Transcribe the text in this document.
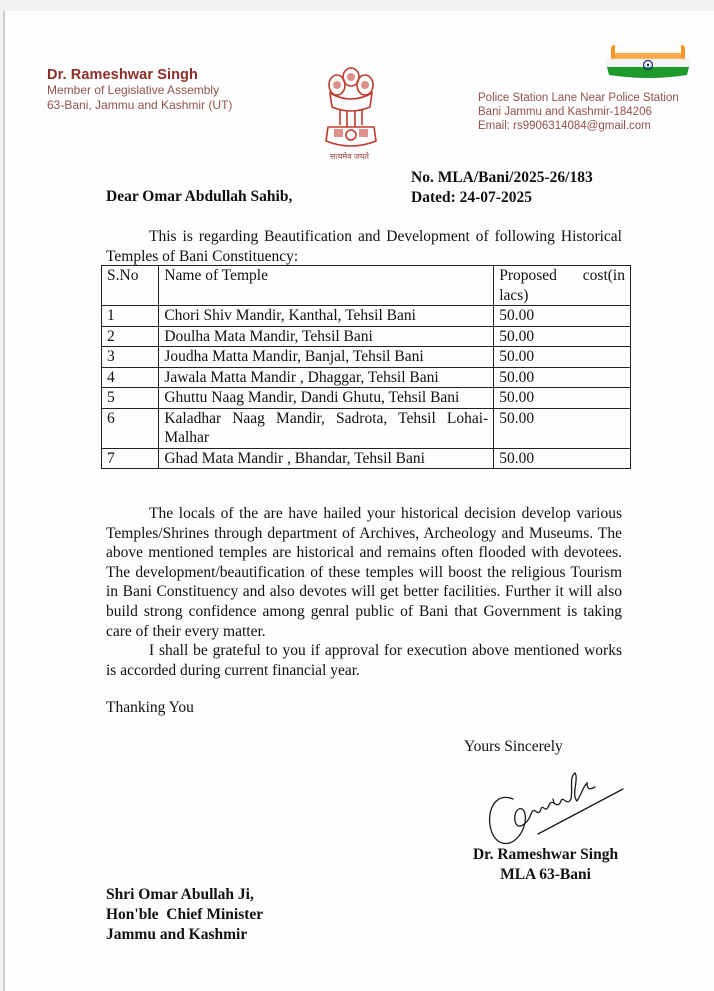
Dr. Rameshwar Singh
Member of Legislative Assembly
63-Bani, Jammu and Kashmir (UT)
सत्यमेव जयते
Police Station Lane Near Police Station
Bani Jammu and Kashmir-184206
Email: rs9906314084@gmail.com
No. MLA/Bani/2025-26/183
Dated: 24-07-2025
Dear Omar Abdullah Sahib,
This is regarding Beautification and Development of following Historical Temples of Bani Constituency:
S.No	Name of Temple	Proposed cost(in lacs)
1	Chori Shiv Mandir, Kanthal, Tehsil Bani	50.00
2	Doulha Mata Mandir, Tehsil Bani	50.00
3	Joudha Matta Mandir, Banjal, Tehsil Bani	50.00
4	Jawala Matta Mandir , Dhaggar, Tehsil Bani	50.00
5	Ghuttu Naag Mandir, Dandi Ghutu, Tehsil Bani	50.00
6	Kaladhar Naag Mandir, Sadrota, Tehsil Lohai-Malhar	50.00
7	Ghad Mata Mandir , Bhandar, Tehsil Bani	50.00
The locals of the are have hailed your historical decision develop various Temples/Shrines through department of Archives, Archeology and Museums. The above mentioned temples are historical and remains often flooded with devotees. The development/beautification of these temples will boost the religious Tourism in Bani Constituency and also devotes will get better facilities. Further it will also build strong confidence among genral public of Bani that Government is taking care of their every matter.
I shall be grateful to you if approval for execution above mentioned works is accorded during current financial year.
Thanking You
Yours Sincerely
Dr. Rameshwar Singh
MLA 63-Bani
Shri Omar Abullah Ji,
Hon'ble  Chief Minister
Jammu and Kashmir
